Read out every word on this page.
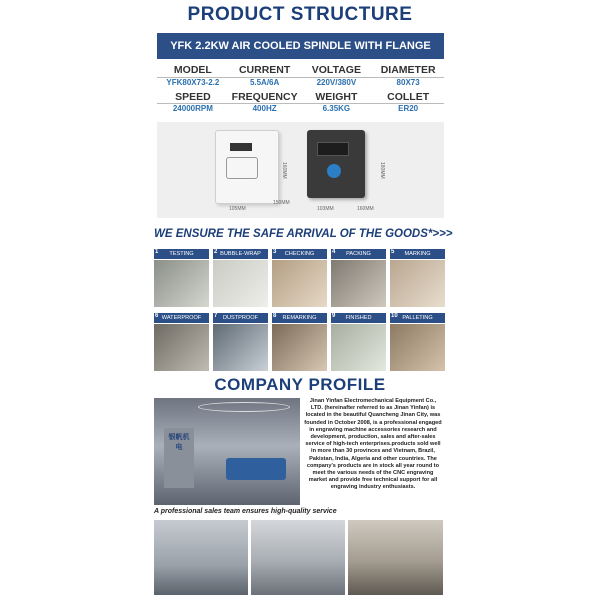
PRODUCT STRUCTURE
YFK 2.2KW AIR COOLED SPINDLE WITH FLANGE
MODEL	CURRENT	VOLTAGE	DIAMETER
YFK80X73-2.2	5.5A/6A	220V/380V	80X73
SPEED	FREQUENCY	WEIGHT	COLLET
24000RPM	400HZ	6.35KG	ER20
105MM
150MM
160MM
103MM	160MM
180MM
WE ENSURE THE SAFE ARRIVAL OF THE GOODS*>>>
TESTING
1	BUBBLE-WRAP
2	CHECKING
3	PACKING
4	MARKING
5
WATERPROOF
6	DUSTPROOF
7	REMARKING
8	FINISHED
9	PALLETING
10
COMPANY PROFILE
银帆机电
Jinan Yinfan Electromechanical Equipment Co., LTD. (hereinafter referred to as Jinan Yinfan) is located in the beautiful Quancheng Jinan City, was founded in October 2008, is a professional engaged in engraving machine accessories research and development, production, sales and after-sales service of high-tech enterprises.products sold well in more than 30 provinces and Vietnam, Brazil, Pakistan, India, Algeria and other countries. The company's products are in stock all year round to meet the various needs of the CNC engraving market and provide free technical support for all engraving industry enthusiasts.
A professional sales team ensures high-quality service
